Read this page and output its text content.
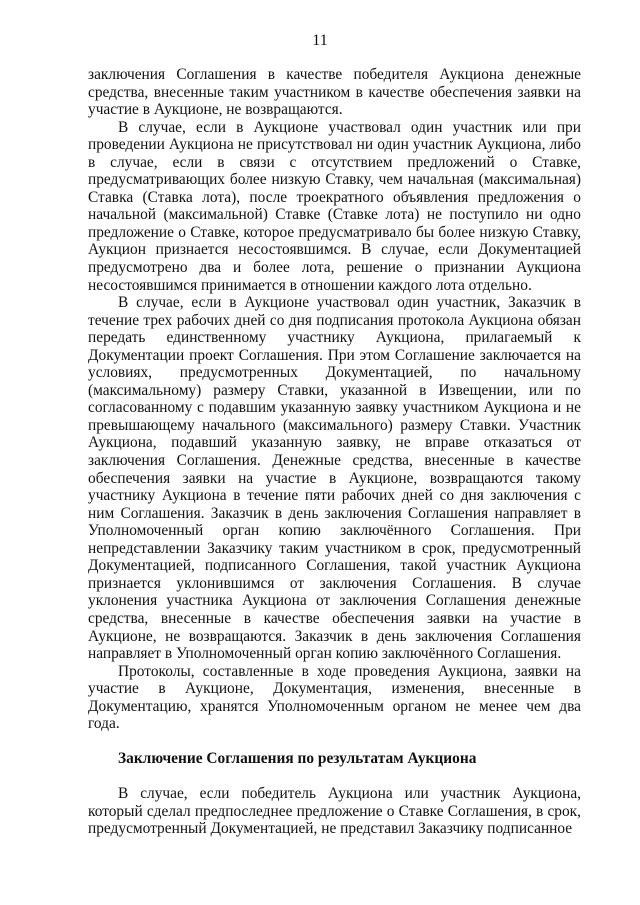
11

заключения Соглашения в качестве победителя Аукциона денежные средства, внесенные таким участником в качестве обеспечения заявки на участие в Аукционе, не возвращаются.

В случае, если в Аукционе участвовал один участник или при проведении Аукциона не присутствовал ни один участник Аукциона, либо в случае, если в связи с отсутствием предложений о Ставке, предусматривающих более низкую Ставку, чем начальная (максимальная) Ставка (Ставка лота), после троекратного объявления предложения о начальной (максимальной) Ставке (Ставке лота) не поступило ни одно предложение о Ставке, которое предусматривало бы более низкую Ставку, Аукцион признается несостоявшимся. В случае, если Документацией предусмотрено два и более лота, решение о признании Аукциона несостоявшимся принимается в отношении каждого лота отдельно.

В случае, если в Аукционе участвовал один участник, Заказчик в течение трех рабочих дней со дня подписания протокола Аукциона обязан передать единственному участнику Аукциона, прилагаемый к Документации проект Соглашения. При этом Соглашение заключается на условиях, предусмотренных Документацией, по начальному (максимальному) размеру Ставки, указанной в Извещении, или по согласованному с подавшим указанную заявку участником Аукциона и не превышающему начального (максимального) размеру Ставки. Участник Аукциона, подавший указанную заявку, не вправе отказаться от заключения Соглашения. Денежные средства, внесенные в качестве обеспечения заявки на участие в Аукционе, возвращаются такому участнику Аукциона в течение пяти рабочих дней со дня заключения с ним Соглашения. Заказчик в день заключения Соглашения направляет в Уполномоченный орган копию заключённого Соглашения. При непредставлении Заказчику таким участником в срок, предусмотренный Документацией, подписанного Соглашения, такой участник Аукциона признается уклонившимся от заключения Соглашения. В случае уклонения участника Аукциона от заключения Соглашения денежные средства, внесенные в качестве обеспечения заявки на участие в Аукционе, не возвращаются. Заказчик в день заключения Соглашения направляет в Уполномоченный орган копию заключённого Соглашения.

Протоколы, составленные в ходе проведения Аукциона, заявки на участие в Аукционе, Документация, изменения, внесенные в Документацию, хранятся Уполномоченным органом не менее чем два года.

Заключение Соглашения по результатам Аукциона

В случае, если победитель Аукциона или участник Аукциона, который сделал предпоследнее предложение о Ставке Соглашения, в срок, предусмотренный Документацией, не представил Заказчику подписанное
